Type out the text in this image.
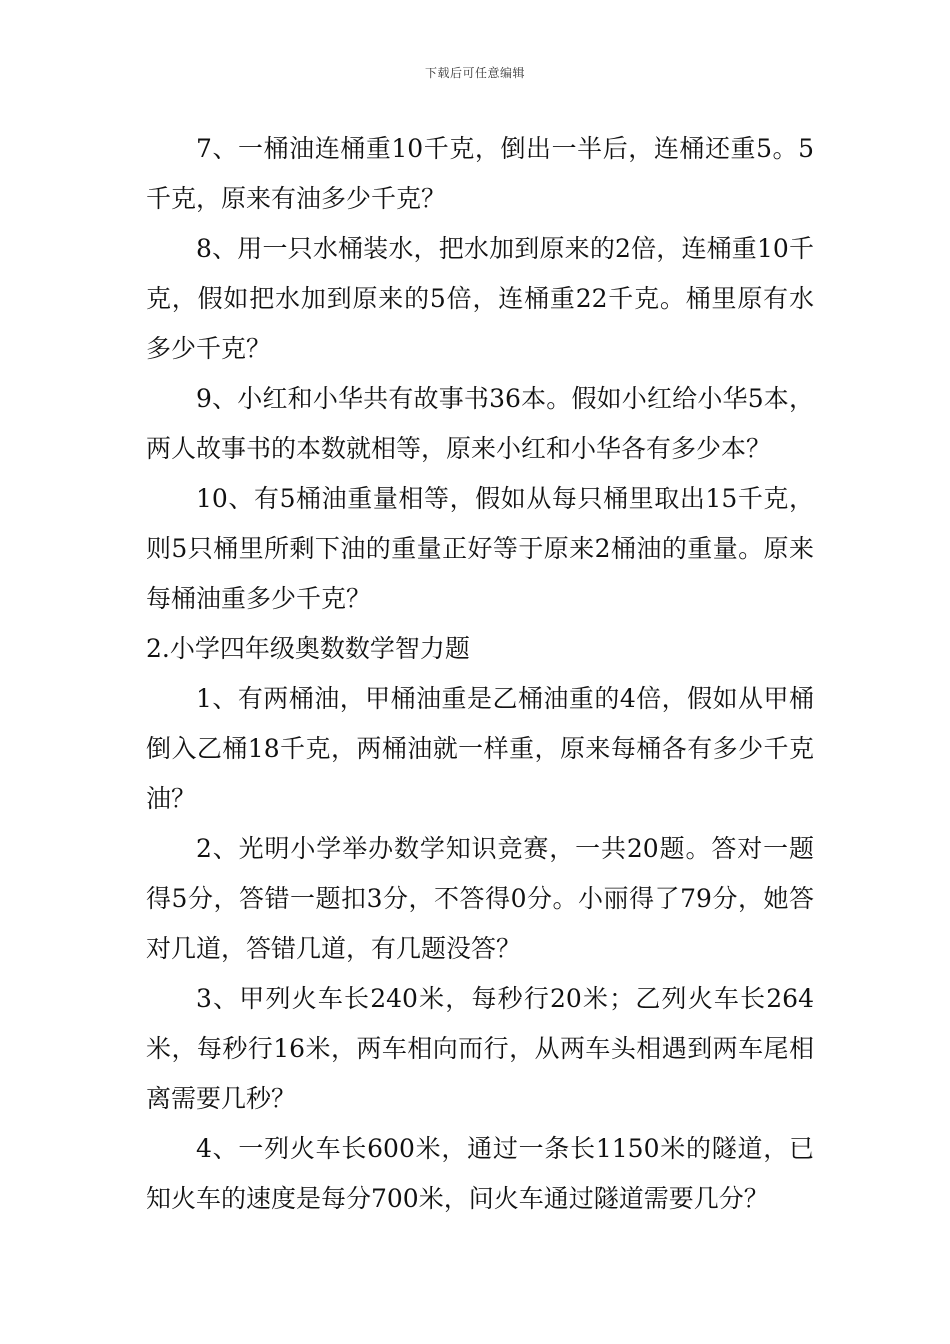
下载后可任意编辑

7、一桶油连桶重10千克，倒出一半后，连桶还重5。5千克，原来有油多少千克？

8、用一只水桶装水，把水加到原来的2倍，连桶重10千克，假如把水加到原来的5倍，连桶重22千克。桶里原有水多少千克？

9、小红和小华共有故事书36本。假如小红给小华5本，两人故事书的本数就相等，原来小红和小华各有多少本？

10、有5桶油重量相等，假如从每只桶里取出15千克，则5只桶里所剩下油的重量正好等于原来2桶油的重量。原来每桶油重多少千克？

2.小学四年级奥数数学智力题

1、有两桶油，甲桶油重是乙桶油重的4倍，假如从甲桶倒入乙桶18千克，两桶油就一样重，原来每桶各有多少千克油？

2、光明小学举办数学知识竞赛，一共20题。答对一题得5分，答错一题扣3分，不答得0分。小丽得了79分，她答对几道，答错几道，有几题没答？

3、甲列火车长240米，每秒行20米；乙列火车长264米，每秒行16米，两车相向而行，从两车头相遇到两车尾相离需要几秒？

4、一列火车长600米，通过一条长1150米的隧道，已知火车的速度是每分700米，问火车通过隧道需要几分？
